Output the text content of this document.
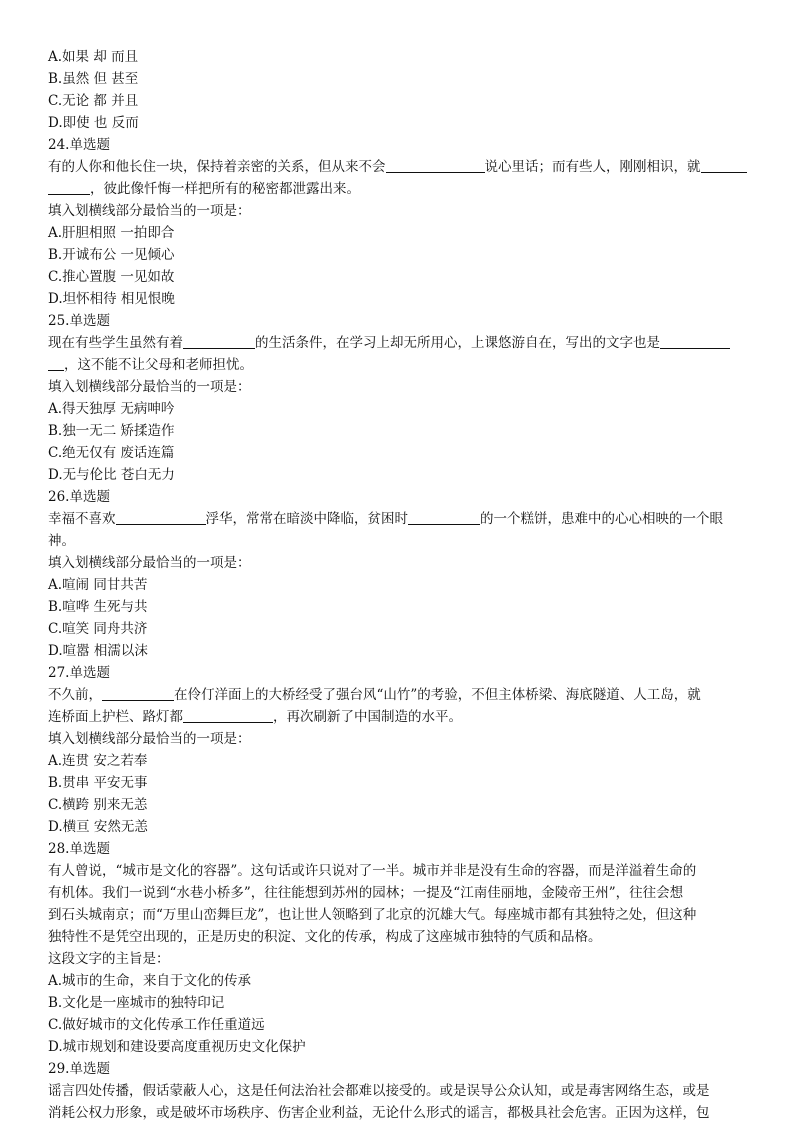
A.如果 却 而且
B.虽然 但 甚至
C.无论 都 并且
D.即使 也 反而
24.单选题
有的人你和他长住一块，保持着亲密的关系，但从来不会	说心里话；而有些人，刚刚相识，就
，彼此像忏悔一样把所有的秘密都泄露出来。
填入划横线部分最恰当的一项是：
A.肝胆相照 一拍即合
B.开诚布公 一见倾心
C.推心置腹 一见如故
D.坦怀相待 相见恨晚
25.单选题
现在有些学生虽然有着	的生活条件，在学习上却无所用心，上课悠游自在，写出的文字也是
，这不能不让父母和老师担忧。
填入划横线部分最恰当的一项是：
A.得天独厚 无病呻吟
B.独一无二 矫揉造作
C.绝无仅有 废话连篇
D.无与伦比 苍白无力
26.单选题
幸福不喜欢	浮华，常常在暗淡中降临，贫困时	的一个糕饼，患难中的心心相映的一个眼
神。
填入划横线部分最恰当的一项是：
A.喧闹 同甘共苦
B.喧哗 生死与共
C.喧笑 同舟共济
D.喧嚣 相濡以沫
27.单选题
不久前，	在伶仃洋面上的大桥经受了强台风“山竹”的考验，不但主体桥梁、海底隧道、人工岛，就
连桥面上护栏、路灯都	，再次刷新了中国制造的水平。
填入划横线部分最恰当的一项是：
A.连贯 安之若奉
B.贯串 平安无事
C.横跨 别来无恙
D.横亘 安然无恙
28.单选题
有人曾说，“城市是文化的容器”。这句话或许只说对了一半。城市并非是没有生命的容器，而是洋溢着生命的
有机体。我们一说到“水巷小桥多”，往往能想到苏州的园林；一提及“江南佳丽地，金陵帝王州”，往往会想
到石头城南京；而“万里山峦舞巨龙”，也让世人领略到了北京的沉雄大气。每座城市都有其独特之处，但这种
独特性不是凭空出现的，正是历史的积淀、文化的传承，构成了这座城市独特的气质和品格。
这段文字的主旨是：
A.城市的生命，来自于文化的传承
B.文化是一座城市的独特印记
C.做好城市的文化传承工作任重道远
D.城市规划和建设要高度重视历史文化保护
29.单选题
谣言四处传播，假话蒙蔽人心，这是任何法治社会都难以接受的。或是误导公众认知，或是毒害网络生态，或是
消耗公权力形象，或是破坏市场秩序、伤害企业利益，无论什么形式的谣言，都极具社会危害。正因为这样，包
